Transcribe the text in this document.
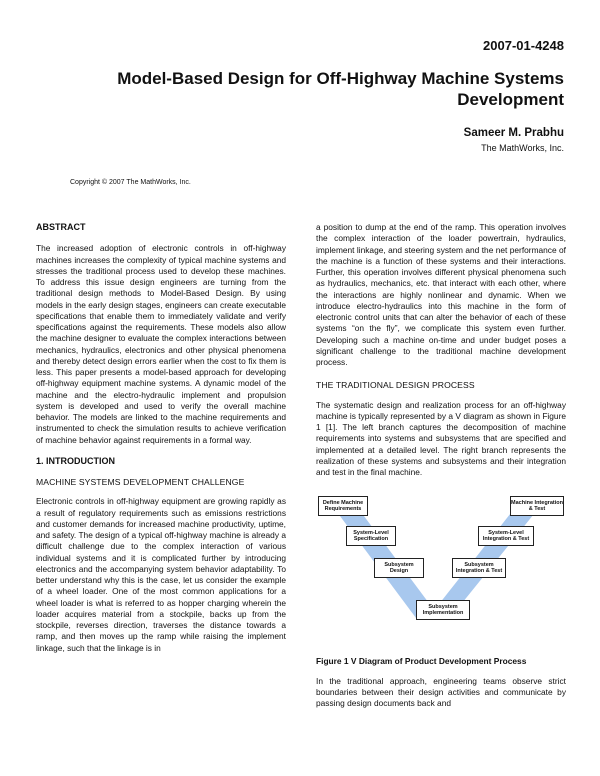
2007-01-4248
Model-Based Design for Off-Highway Machine Systems
Development
Sameer M. Prabhu
The MathWorks, Inc.
Copyright © 2007 The MathWorks, Inc.
ABSTRACT

The increased adoption of electronic controls in off-highway machines increases the complexity of typical machine systems and stresses the traditional process used to develop these machines. To address this issue design engineers are turning from the traditional design methods to Model-Based Design. By using models in the early design stages, engineers can create executable specifications that enable them to immediately validate and verify specifications against the requirements. These models also allow the machine designer to evaluate the complex interactions between mechanics, hydraulics, electronics and other physical phenomena and thereby detect design errors earlier when the cost to fix them is less. This paper presents a model-based approach for developing off-highway equipment machine systems. A dynamic model of the machine and the electro-hydraulic implement and propulsion system is developed and used to verify the overall machine behavior. The models are linked to the machine requirements and instrumented to check the simulation results to achieve verification of machine behavior against requirements in a formal way.

1. INTRODUCTION
MACHINE SYSTEMS DEVELOPMENT CHALLENGE

Electronic controls in off-highway equipment are growing rapidly as a result of regulatory requirements such as emissions restrictions and customer demands for increased machine productivity, uptime, and safety. The design of a typical off-highway machine is already a difficult challenge due to the complex interaction of various individual systems and it is complicated further by introducing electronics and the accompanying system behavior adaptability. To better understand why this is the case, let us consider the example of a wheel loader. One of the most common applications for a wheel loader is what is referred to as hopper charging wherein the loader acquires material from a stockpile, backs up from the stockpile, reverses direction, traverses the distance towards a ramp, and then moves up the ramp while raising the implement linkage, such that the linkage is in

a position to dump at the end of the ramp. This operation involves the complex interaction of the loader powertrain, hydraulics, implement linkage, and steering system and the net performance of the machine is a function of these systems and their interactions. Further, this operation involves different physical phenomena such as hydraulics, mechanics, etc. that interact with each other, where the interactions are highly nonlinear and dynamic. When we introduce electro-hydraulics into this machine in the form of electronic control units that can alter the behavior of each of these systems “on the fly”, we complicate this system even further. Developing such a machine on-time and under budget poses a significant challenge to the traditional machine development process.

THE TRADITIONAL DESIGN PROCESS

The systematic design and realization process for an off-highway machine is typically represented by a V diagram as shown in Figure 1 [1]. The left branch captures the decomposition of machine requirements into systems and subsystems that are specified and implemented at a detailed level. The right branch represents the realization of these systems and subsystems and their integration and test in the final machine.

Define Machine Requirements
System-Level Specification
Subsystem Design
Subsystem Implementation
Subsystem Integration & Test
System-Level Integration & Test
Machine Integration & Test
Figure 1 V Diagram of Product Development Process

In the traditional approach, engineering teams observe strict boundaries between their design activities and communicate by passing design documents back and
